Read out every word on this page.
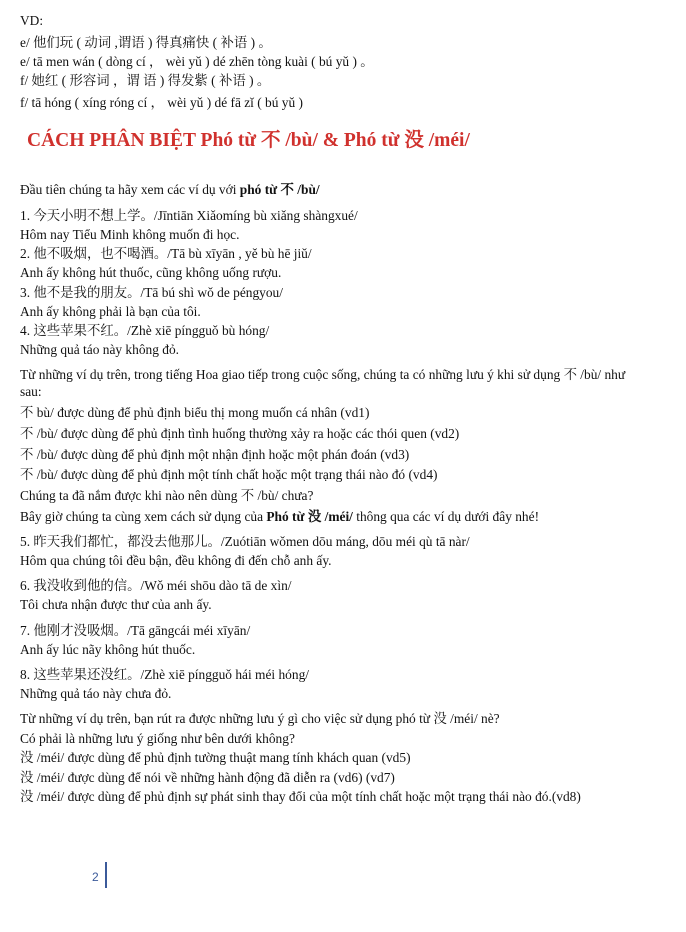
VD:
e/ 他们玩 ( 动词 ,谓语 ) 得真痛快 ( 补语 ) 。
e/ tā men wán ( dòng cí ， wèi yǔ ) dé zhēn tòng kuài ( bú yǔ ) 。
f/ 她红 ( 形容词 ，谓 语 ) 得发紫 ( 补语 ) 。
f/ tā hóng ( xíng róng cí ， wèi yǔ ) dé fā zǐ ( bú yǔ )
CÁCH PHÂN BIỆT Phó từ 不 /bù/ & Phó từ 没 /méi/
Đầu tiên chúng ta hãy xem các ví dụ với phó từ 不 /bù/
1. 今天小明不想上学。/Jīntiān Xiǎomíng bù xiǎng shàngxué/
Hôm nay Tiểu Minh không muốn đi học.
2. 他不吸烟，也不喝酒。/Tā bù xīyān , yě bù hē jiǔ/
Anh ấy không hút thuốc, cũng không uống rượu.
3. 他不是我的朋友。/Tā bú shì wǒ de péngyou/
Anh ấy không phải là bạn của tôi.
4. 这些苹果不红。/Zhè xiē píngguǒ bù hóng/
Những quả táo này không đỏ.
Từ những ví dụ trên, trong tiếng Hoa giao tiếp trong cuộc sống, chúng ta có những lưu ý khi sử dụng 不 /bù/ như sau:
不 bù/ được dùng để phủ định biểu thị mong muốn cá nhân (vd1)
不 /bù/ được dùng để phủ định tình huống thường xảy ra hoặc các thói quen (vd2)
不 /bù/ được dùng để phủ định một nhận định hoặc một phán đoán (vd3)
不 /bù/ được dùng để phủ định một tính chất hoặc một trạng thái nào đó (vd4)
Chúng ta đã nắm được khi nào nên dùng 不 /bù/ chưa?
Bây giờ chúng ta cùng xem cách sử dụng của Phó từ 没 /méi/ thông qua các ví dụ dưới đây nhé!
5. 昨天我们都忙，都没去他那儿。/Zuótiān wǒmen dōu máng, dōu méi qù tā nàr/
Hôm qua chúng tôi đều bận, đều không đi đến chỗ anh ấy.
6. 我没收到他的信。/Wǒ méi shōu dào tā de xìn/
Tôi chưa nhận được thư của anh ấy.
7. 他刚才没吸烟。/Tā gāngcái méi xīyān/
Anh ấy lúc nãy không hút thuốc.
8. 这些苹果还没红。/Zhè xiē píngguǒ hái méi hóng/
Những quả táo này chưa đỏ.
Từ những ví dụ trên, bạn rút ra được những lưu ý gì cho việc sử dụng phó từ 没 /méi/ nè?
Có phải là những lưu ý giống như bên dưới không?
没 /méi/ được dùng để phủ định tường thuật mang tính khách quan (vd5)
没 /méi/ được dùng để nói về những hành động đã diễn ra (vd6) (vd7)
没 /méi/ được dùng để phủ định sự phát sinh thay đổi của một tính chất hoặc một trạng thái nào đó.(vd8)
2
